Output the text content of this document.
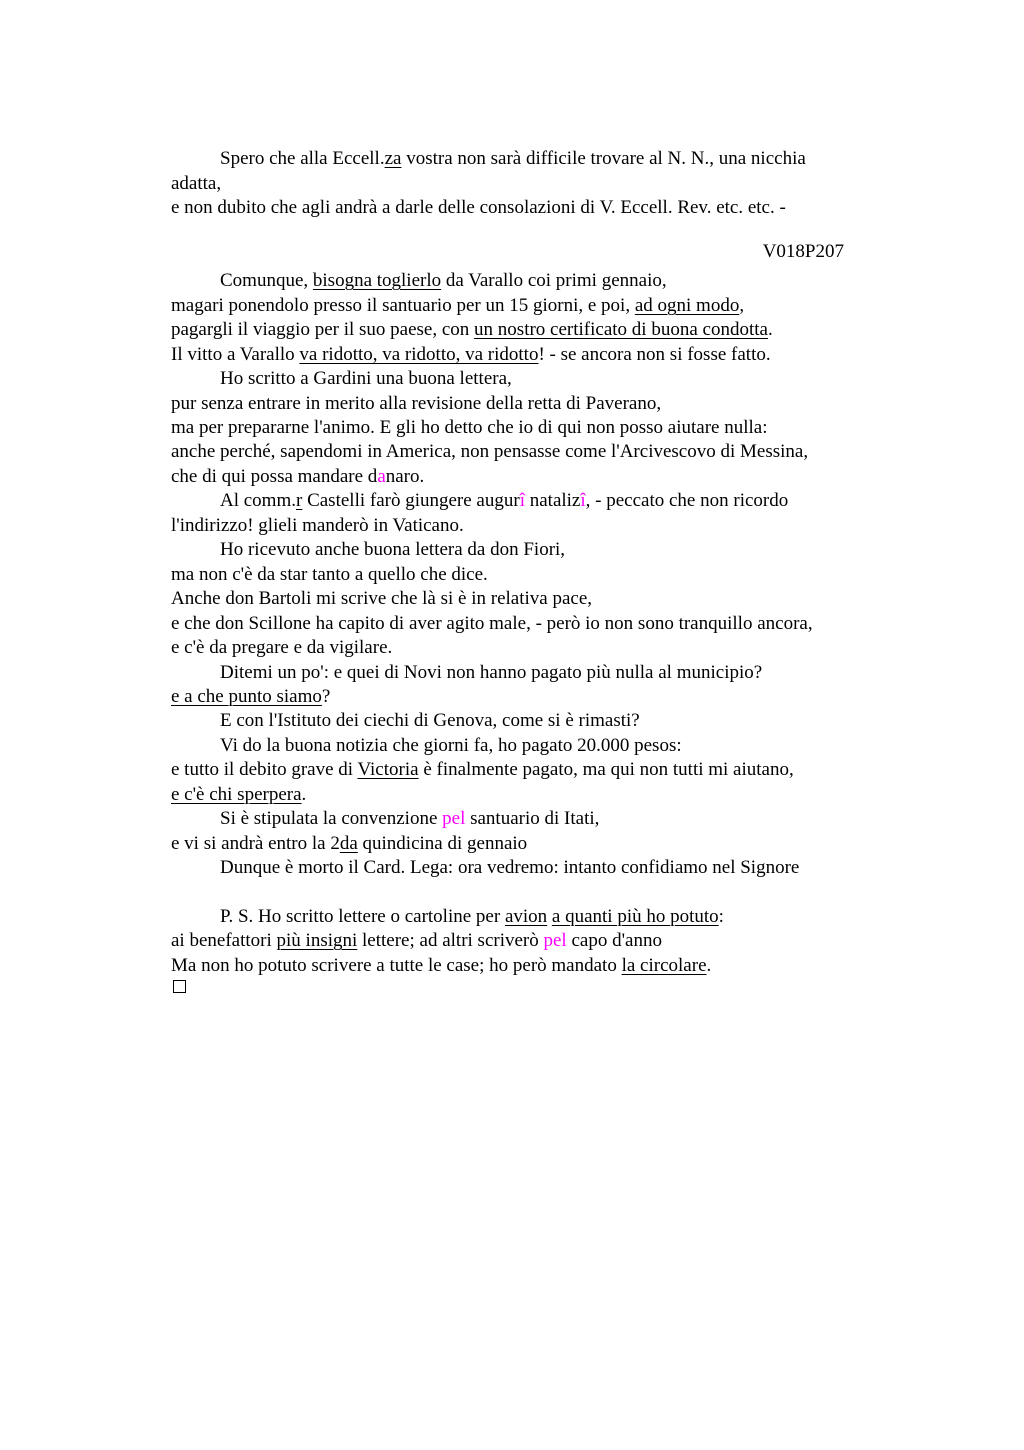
Spero che alla Eccell.za vostra non sarà difficile trovare al N. N., una nicchia

adatta,

e non dubito che agli andrà a darle delle consolazioni di V. Eccell. Rev. etc. etc. -

V018P207

Comunque, bisogna toglierlo da Varallo coi primi gennaio,

magari ponendolo presso il santuario per un 15 giorni, e poi, ad ogni modo,

pagargli il viaggio per il suo paese, con un nostro certificato di buona condotta.

Il vitto a Varallo va ridotto, va ridotto, va ridotto! - se ancora non si fosse fatto.

Ho scritto a Gardini una buona lettera,

pur senza entrare in merito alla revisione della retta di Paverano,

ma per prepararne l'animo. E gli ho detto che io di qui non posso aiutare nulla:

anche perché, sapendomi in America, non pensasse come l'Arcivescovo di Messina,

che di qui possa mandare danaro.

Al comm.r Castelli farò giungere augurî natalizî, - peccato che non ricordo

l'indirizzo! glieli manderò in Vaticano.

Ho ricevuto anche buona lettera da don Fiori,

ma non c'è da star tanto a quello che dice.

Anche don Bartoli mi scrive che là si è in relativa pace,

e che don Scillone ha capito di aver agito male, - però io non sono tranquillo ancora,

e c'è da pregare e da vigilare.

Ditemi un po': e quei di Novi non hanno pagato più nulla al municipio?

e a che punto siamo?

E con l'Istituto dei ciechi di Genova, come si è rimasti?

Vi do la buona notizia che giorni fa, ho pagato 20.000 pesos:

e tutto il debito grave di Victoria è finalmente pagato, ma qui non tutti mi aiutano,

e c'è chi sperpera.

Si è stipulata la convenzione pel santuario di Itati,

e vi si andrà entro la 2da quindicina di gennaio

Dunque è morto il Card. Lega: ora vedremo: intanto confidiamo nel Signore

P. S. Ho scritto lettere o cartoline per avion a quanti più ho potuto:

ai benefattori più insigni lettere; ad altri scriverò pel capo d'anno

Ma non ho potuto scrivere a tutte le case; ho però mandato la circolare.
